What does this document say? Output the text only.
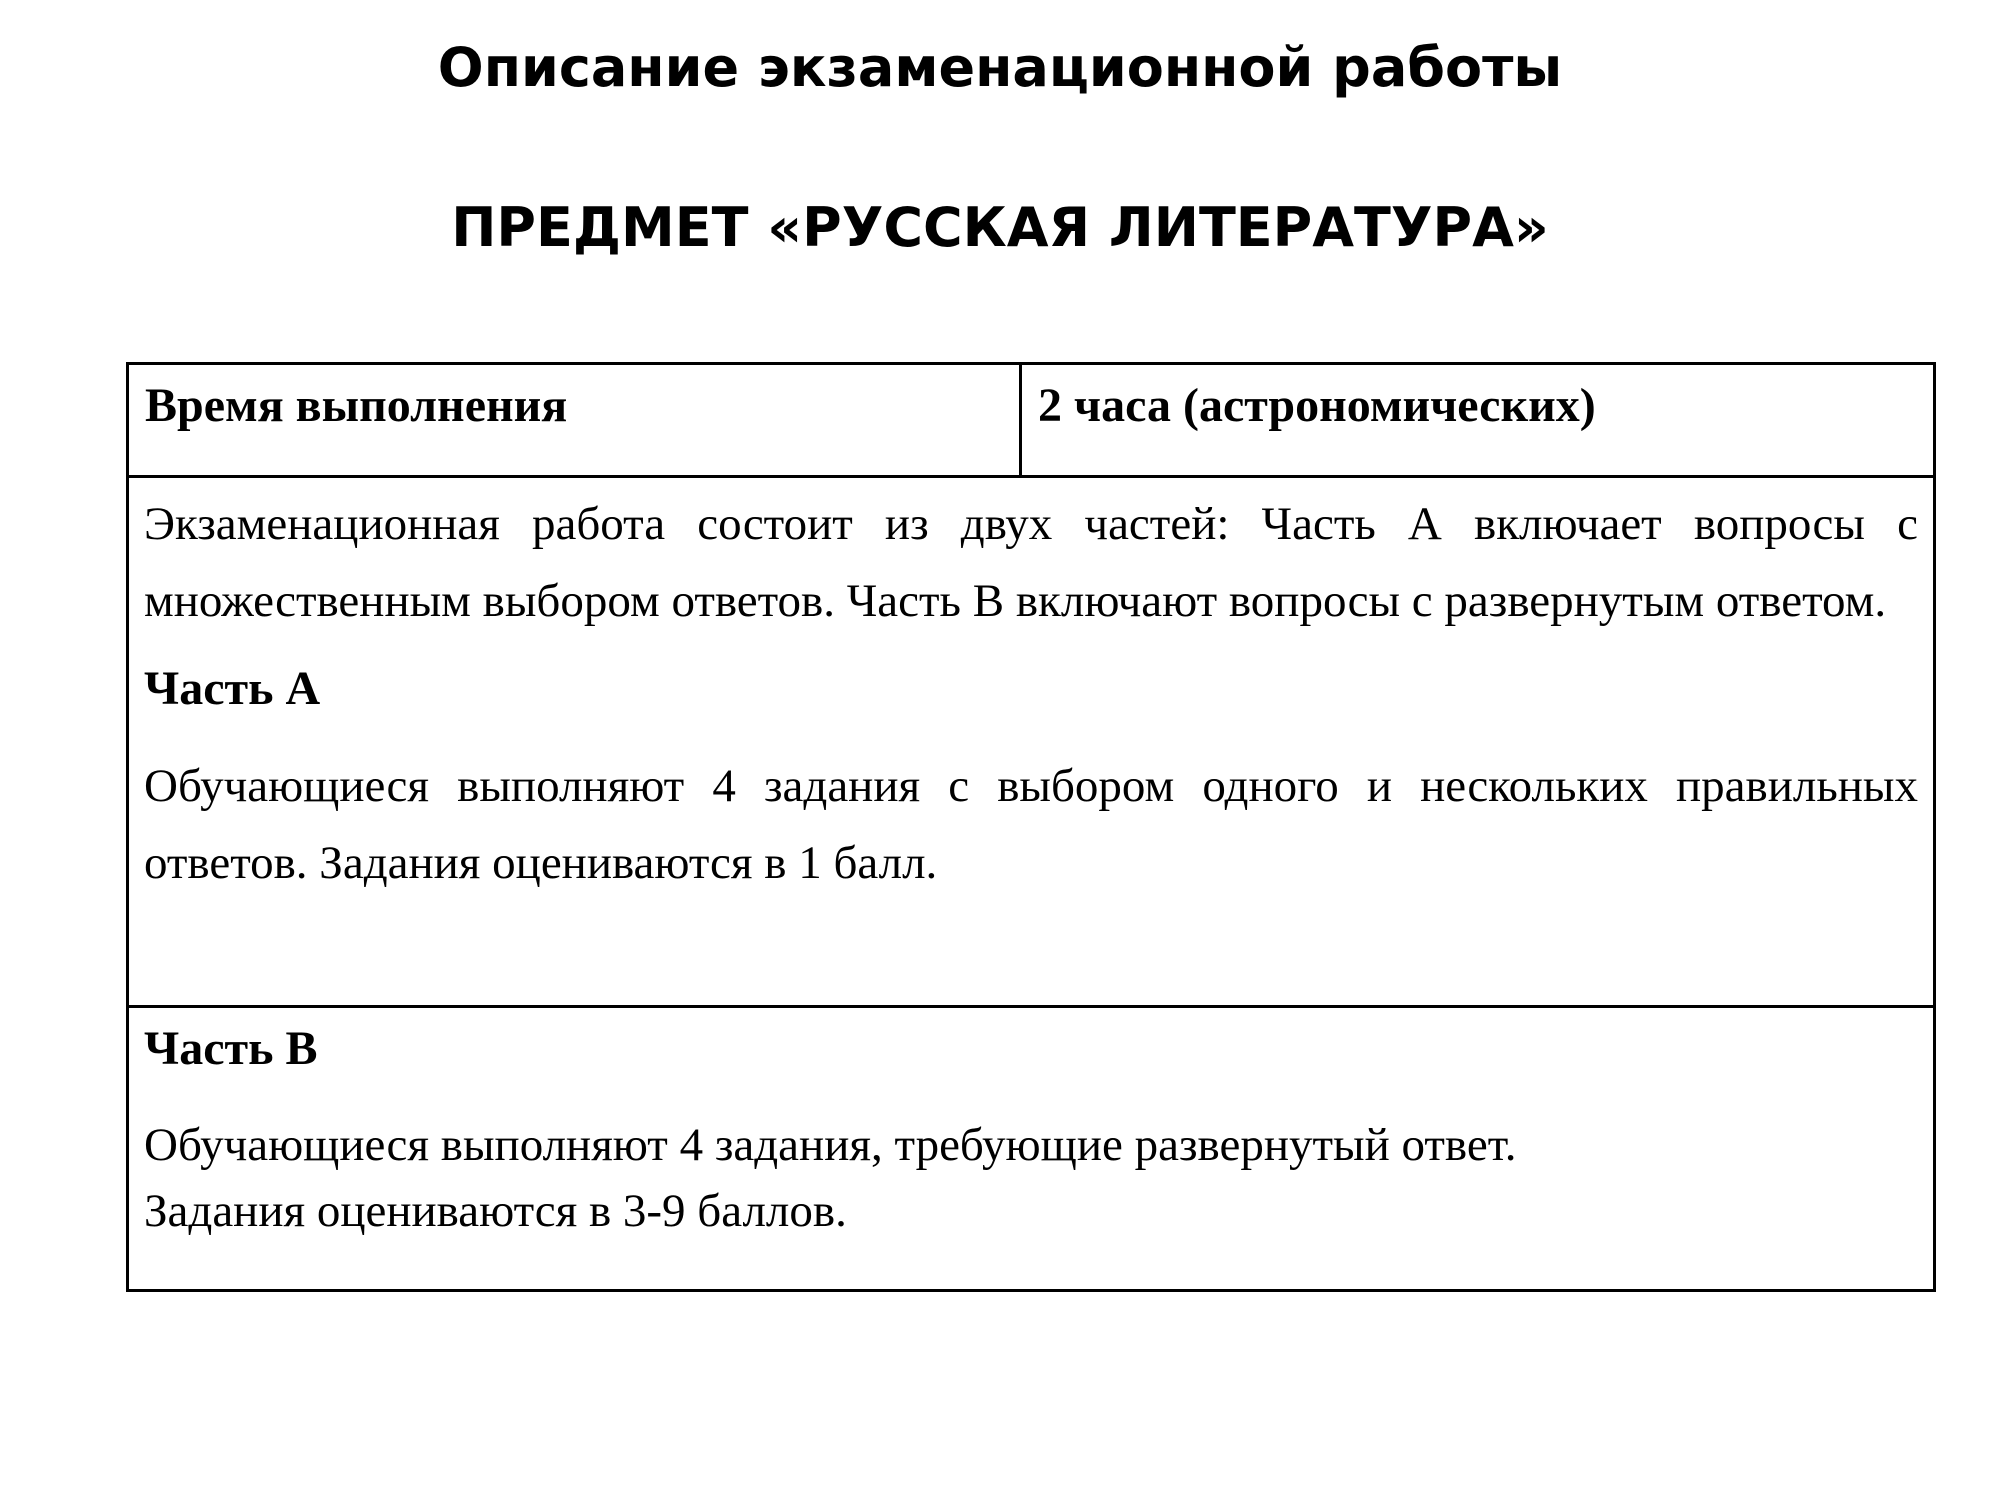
Описание экзаменационной работы
ПРЕДМЕТ «РУССКАЯ ЛИТЕРАТУРА»
Время выполнения	2 часа (астрономических)

Экзаменационная работа состоит из двух частей: Часть А включает вопросы с множественным выбором ответов. Часть В включают вопросы с развернутым ответом.

Часть А

Обучающиеся выполняют 4 задания с выбором одного и нескольких правильных ответов. Задания оцениваются в 1 балл.

Часть В

Обучающиеся выполняют 4 задания, требующие развернутый ответ.
Задания оцениваются в 3-9 баллов.
